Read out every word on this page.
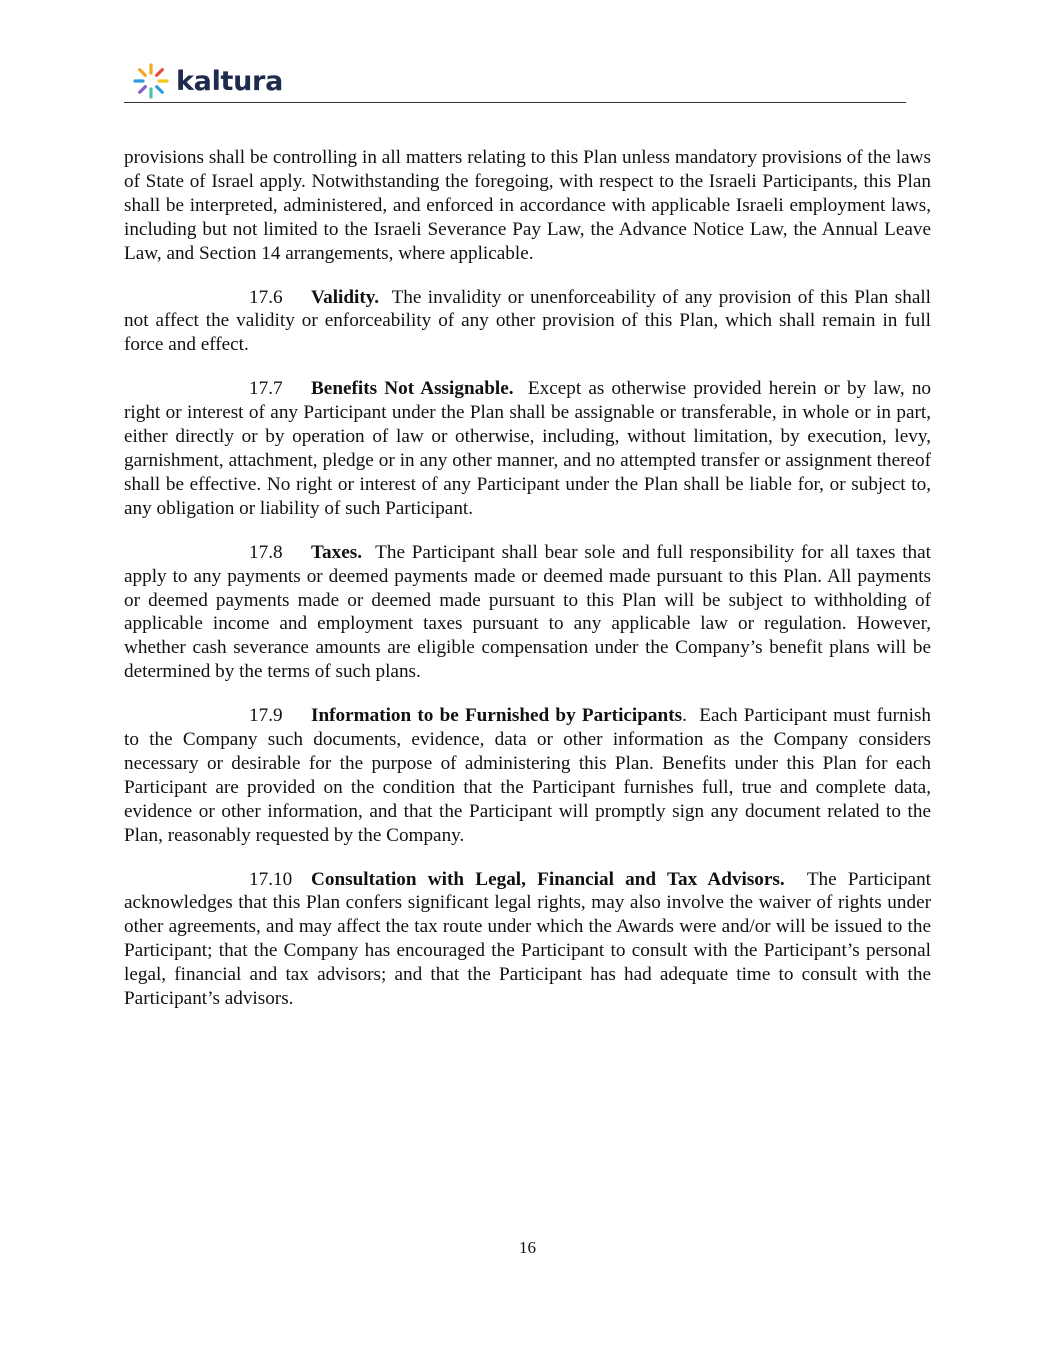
kaltura

provisions shall be controlling in all matters relating to this Plan unless mandatory provisions of the laws of State of Israel apply. Notwithstanding the foregoing, with respect to the Israeli Participants, this Plan shall be interpreted, administered, and enforced in accordance with applicable Israeli employment laws, including but not limited to the Israeli Severance Pay Law, the Advance Notice Law, the Annual Leave Law, and Section 14 arrangements, where applicable.

17.6 Validity. The invalidity or unenforceability of any provision of this Plan shall not affect the validity or enforceability of any other provision of this Plan, which shall remain in full force and effect.

17.7 Benefits Not Assignable. Except as otherwise provided herein or by law, no right or interest of any Participant under the Plan shall be assignable or transferable, in whole or in part, either directly or by operation of law or otherwise, including, without limitation, by execution, levy, garnishment, attachment, pledge or in any other manner, and no attempted transfer or assignment thereof shall be effective. No right or interest of any Participant under the Plan shall be liable for, or subject to, any obligation or liability of such Participant.

17.8 Taxes. The Participant shall bear sole and full responsibility for all taxes that apply to any payments or deemed payments made or deemed made pursuant to this Plan. All payments or deemed payments made or deemed made pursuant to this Plan will be subject to withholding of applicable income and employment taxes pursuant to any applicable law or regulation. However, whether cash severance amounts are eligible compensation under the Company’s benefit plans will be determined by the terms of such plans.

17.9 Information to be Furnished by Participants. Each Participant must furnish to the Company such documents, evidence, data or other information as the Company considers necessary or desirable for the purpose of administering this Plan. Benefits under this Plan for each Participant are provided on the condition that the Participant furnishes full, true and complete data, evidence or other information, and that the Participant will promptly sign any document related to the Plan, reasonably requested by the Company.

17.10 Consultation with Legal, Financial and Tax Advisors. The Participant acknowledges that this Plan confers significant legal rights, may also involve the waiver of rights under other agreements, and may affect the tax route under which the Awards were and/or will be issued to the Participant; that the Company has encouraged the Participant to consult with the Participant’s personal legal, financial and tax advisors; and that the Participant has had adequate time to consult with the Participant’s advisors.

16
